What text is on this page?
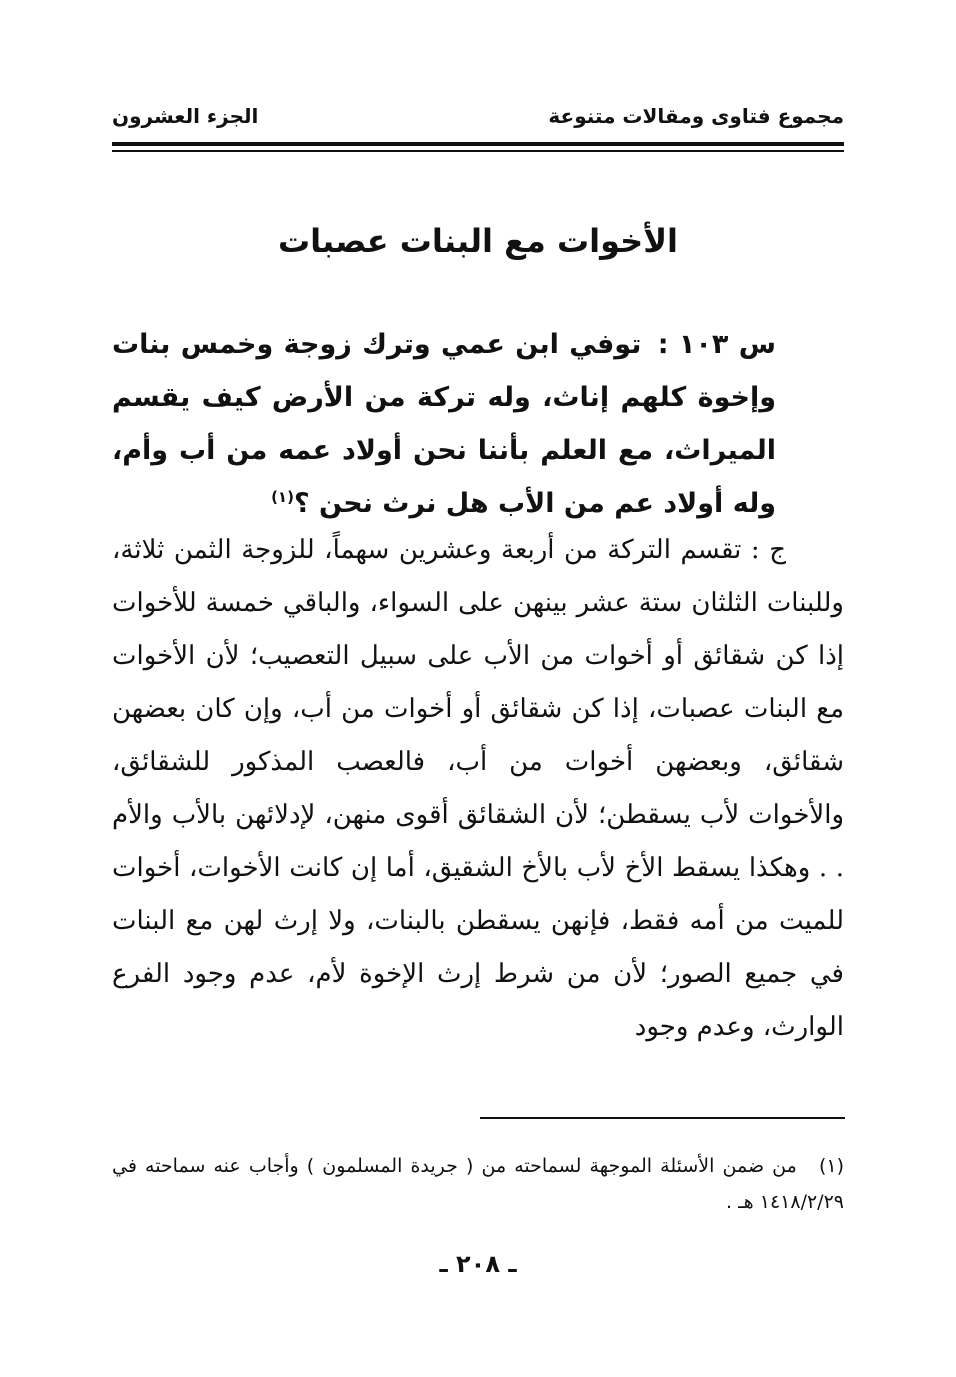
مجموع فتاوى ومقالات متنوعة
الجزء العشرون
الأخوات مع البنات عصبات
س ١٠٣ : توفي ابن عمي وترك زوجة وخمس بنات وإخوة كلهم إناث، وله تركة من الأرض كيف يقسم الميراث، مع العلم بأننا نحن أولاد عمه من أب وأم، وله أولاد عم من الأب هل نرث نحن ؟$^{(١)}$
ج : تقسم التركة من أربعة وعشرين سهماً، للزوجة الثمن ثلاثة، وللبنات الثلثان ستة عشر بينهن على السواء، والباقي خمسة للأخوات إذا كن شقائق أو أخوات من الأب على سبيل التعصيب؛ لأن الأخوات مع البنات عصبات، إذا كن شقائق أو أخوات من أب، وإن كان بعضهن شقائق، وبعضهن أخوات من أب، فالعصب المذكور للشقائق، والأخوات لأب يسقطن؛ لأن الشقائق أقوى منهن، لإدلائهن بالأب والأم . . وهكذا يسقط الأخ لأب بالأخ الشقيق، أما إن كانت الأخوات، أخوات للميت من أمه فقط، فإنهن يسقطن بالبنات، ولا إرث لهن مع البنات في جميع الصور؛ لأن من شرط إرث الإخوة لأم، عدم وجود الفرع الوارث، وعدم وجود
(١) من ضمن الأسئلة الموجهة لسماحته من ( جريدة المسلمون ) وأجاب عنه سماحته في ١٤١٨/٢/٢٩ هـ .
ـ ٢٠٨ ـ
